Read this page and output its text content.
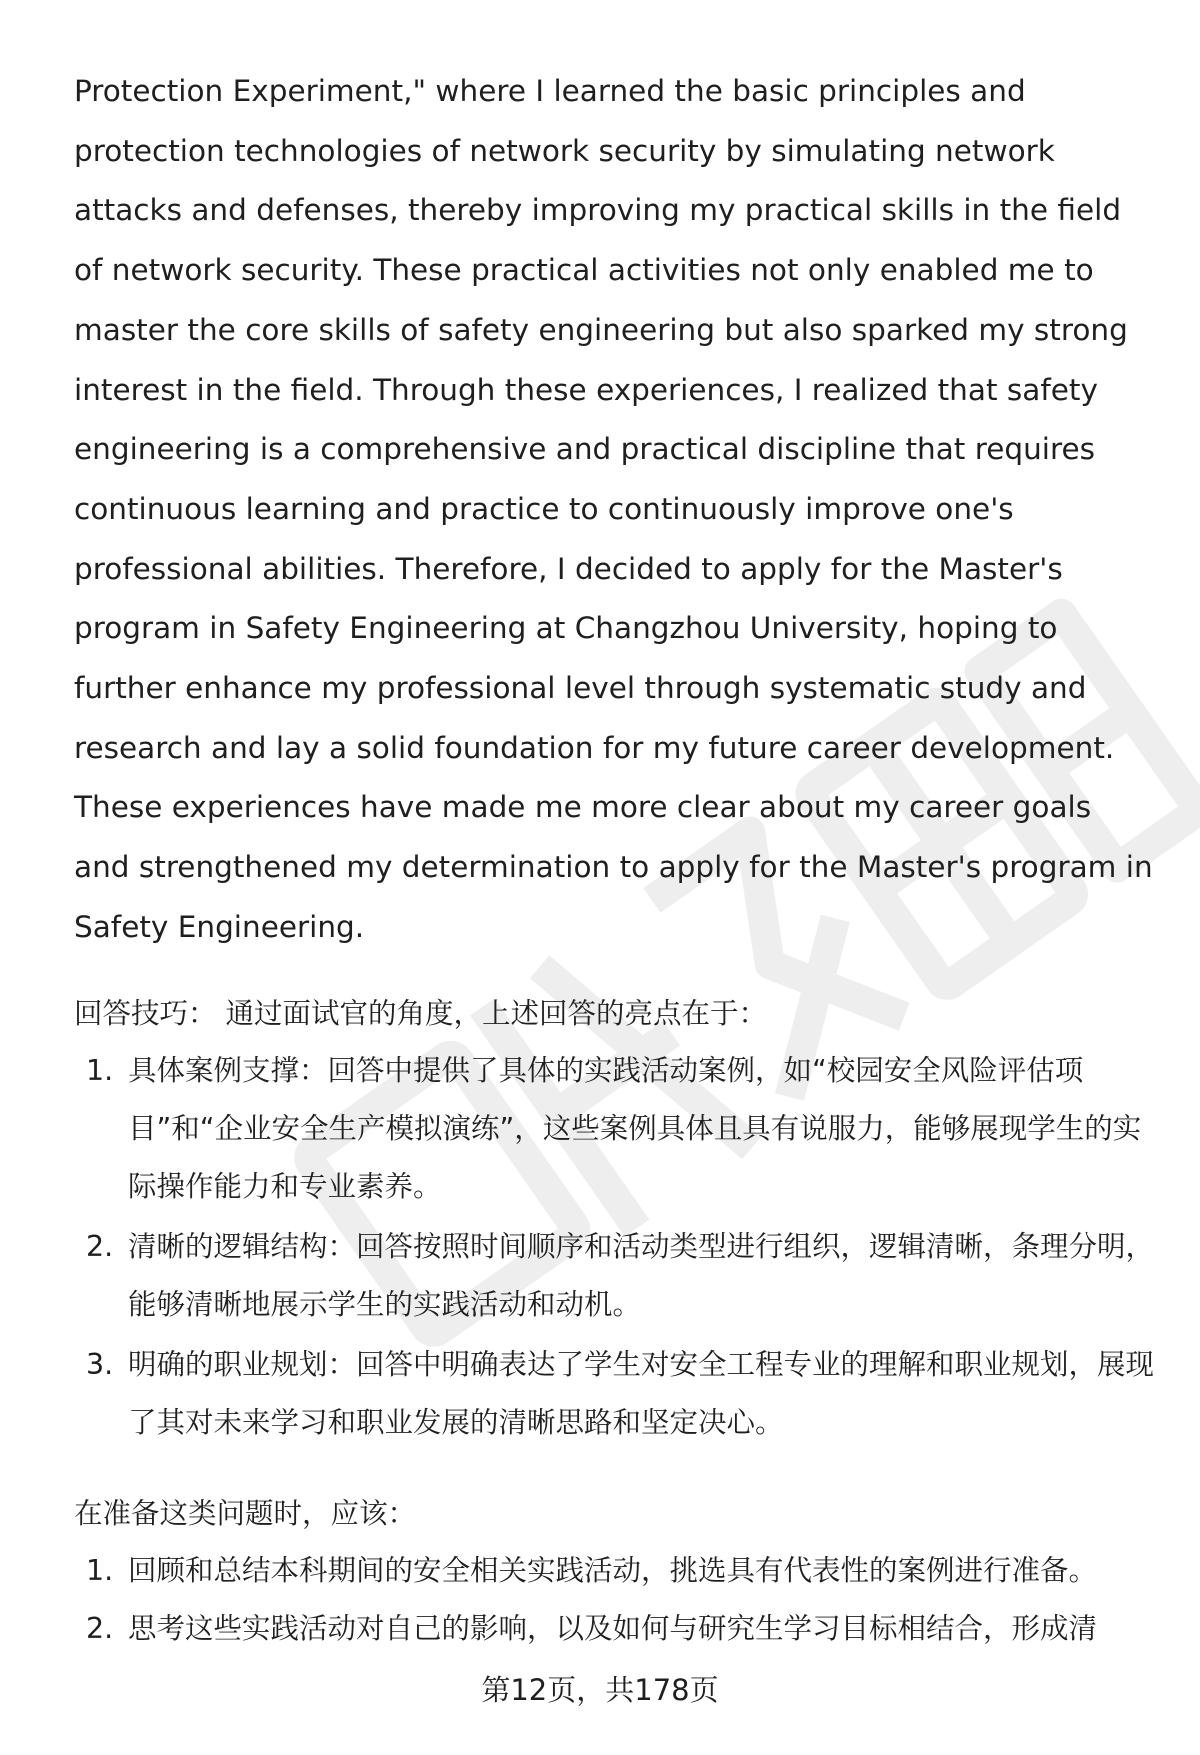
Protection Experiment," where I learned the basic principles and protection technologies of network security by simulating network attacks and defenses, thereby improving my practical skills in the field of network security. These practical activities not only enabled me to master the core skills of safety engineering but also sparked my strong interest in the field. Through these experiences, I realized that safety engineering is a comprehensive and practical discipline that requires continuous learning and practice to continuously improve one's professional abilities. Therefore, I decided to apply for the Master's program in Safety Engineering at Changzhou University, hoping to further enhance my professional level through systematic study and research and lay a solid foundation for my future career development. These experiences have made me more clear about my career goals and strengthened my determination to apply for the Master's program in Safety Engineering.

回答技巧： 通过面试官的角度，上述回答的亮点在于：

1. 具体案例支撑：回答中提供了具体的实践活动案例，如“校园安全风险评估项目”和“企业安全生产模拟演练”，这些案例具体且具有说服力，能够展现学生的实际操作能力和专业素养。
2. 清晰的逻辑结构：回答按照时间顺序和活动类型进行组织，逻辑清晰，条理分明，能够清晰地展示学生的实践活动和动机。
3. 明确的职业规划：回答中明确表达了学生对安全工程专业的理解和职业规划，展现了其对未来学习和职业发展的清晰思路和坚定决心。

在准备这类问题时，应该：

1. 回顾和总结本科期间的安全相关实践活动，挑选具有代表性的案例进行准备。
2. 思考这些实践活动对自己的影响，以及如何与研究生学习目标相结合，形成清
第12页，共178页
